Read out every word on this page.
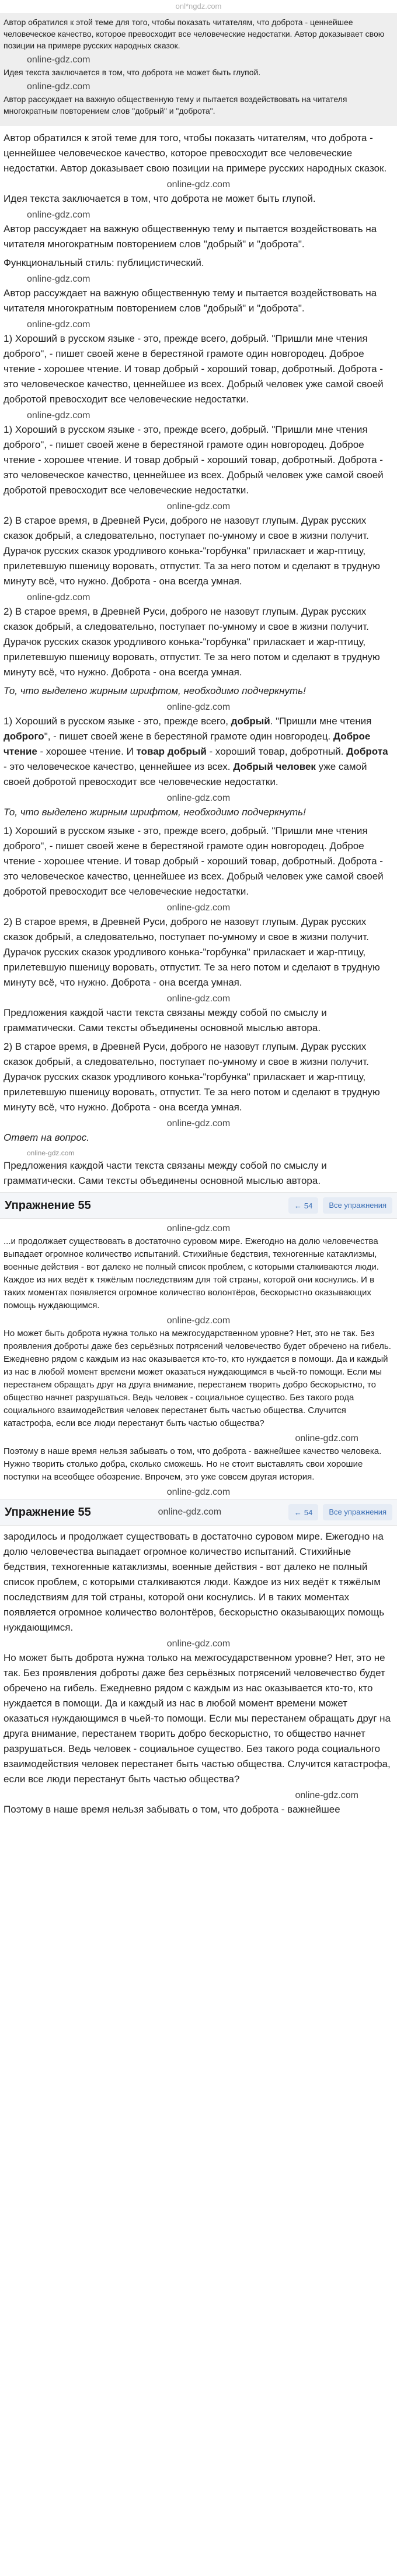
onl*ngdz.com

Автор обратился к этой теме для того, чтобы показать читателям, что доброта - ценнейшее человеческое качество, которое превосходит все человеческие недостатки. Автор доказывает свою позиции на примере русских народных сказок.

online-gdz.com

Идея текста заключается в том, что доброта не может быть глупой.

online-gdz.com

Автор рассуждает на важную общественную тему и пытается воздействовать на читателя многократным повторением слов "добрый" и "доброта".

Автор обратился к этой теме для того, чтобы показать читателям, что доброта - ценнейшее человеческое качество, которое превосходит все человеческие недостатки. Автор доказывает свою позиции на примере русских народных сказок.

online-gdz.com

Идея текста заключается в том, что доброта не может быть глупой.

online-gdz.com

Автор рассуждает на важную общественную тему и пытается воздействовать на читателя многократным повторением слов "добрый" и "доброта".

Функциональный стиль: публицистический.

online-gdz.com

Автор рассуждает на важную общественную тему и пытается воздействовать на читателя многократным повторением слов "добрый" и "доброта".

online-gdz.com

1) Хороший в русском языке - это, прежде всего, добрый. "Пришли мне чтения доброго", - пишет своей жене в берестяной грамоте один новгородец. Доброе чтение - хорошее чтение. И товар добрый - хороший товар, добротный. Доброта - это человеческое качество, ценнейшее из всех. Добрый человек уже самой своей добротой превосходит все человеческие недостатки.

online-gdz.com

1) Хороший в русском языке - это, прежде всего, добрый. "Пришли мне чтения доброго", - пишет своей жене в берестяной грамоте один новгородец. Доброе чтение - хорошее чтение. И товар добрый - хороший товар, добротный. Доброта - это человеческое качество, ценнейшее из всех. Добрый человек уже самой своей добротой превосходит все человеческие недостатки.

online-gdz.com

2) В старое время, в Древней Руси, доброго не назовут глупым. Дурак русских сказок добрый, а следовательно, поступает по-умному и свое в жизни получит. Дурачок русских сказок уродливого конька-"горбунка" приласкает и жар-птицу, прилетевшую пшеницу воровать, отпустит. Та за него потом и сделают в трудную минуту всё, что нужно. Доброта - она всегда умная.

online-gdz.com

2) В старое время, в Древней Руси, доброго не назовут глупым. Дурак русских сказок добрый, а следовательно, поступает по-умному и свое в жизни получит. Дурачок русских сказок уродливого конька-"горбунка" приласкает и жар-птицу, прилетевшую пшеницу воровать, отпустит. Те за него потом и сделают в трудную минуту всё, что нужно. Доброта - она всегда умная.

То, что выделено жирным шрифтом, необходимо подчеркнуть!

online-gdz.com

1) Хороший в русском языке - это, прежде всего, добрый. "Пришли мне чтения доброго", - пишет своей жене в берестяной грамоте один новгородец. Доброе чтение - хорошее чтение. И товар добрый - хороший товар, добротный. Доброта - это человеческое качество, ценнейшее из всех. Добрый человек уже самой своей добротой превосходит все человеческие недостатки.

online-gdz.com

То, что выделено жирным шрифтом, необходимо подчеркнуть!

1) Хороший в русском языке - это, прежде всего, добрый. "Пришли мне чтения доброго", - пишет своей жене в берестяной грамоте один новгородец. Доброе чтение - хорошее чтение. И товар добрый - хороший товар, добротный. Доброта - это человеческое качество, ценнейшее из всех. Добрый человек уже самой своей добротой превосходит все человеческие недостатки.

online-gdz.com

2) В старое время, в Древней Руси, доброго не назовут глупым. Дурак русских сказок добрый, а следовательно, поступает по-умному и свое в жизни получит. Дурачок русских сказок уродливого конька-"горбунка" приласкает и жар-птицу, прилетевшую пшеницу воровать, отпустит. Те за него потом и сделают в трудную минуту всё, что нужно. Доброта - она всегда умная.

online-gdz.com

Предложения каждой части текста связаны между собой по смыслу и грамматически. Сами тексты объединены основной мыслью автора.

2) В старое время, в Древней Руси, доброго не назовут глупым. Дурак русских сказок добрый, а следовательно, поступает по-умному и свое в жизни получит. Дурачок русских сказок уродливого конька-"горбунка" приласкает и жар-птицу, прилетевшую пшеницу воровать, отпустит. Те за него потом и сделают в трудную минуту всё, что нужно. Доброта - она всегда умная.

online-gdz.com

Ответ на вопрос.

online-gdz.com

Предложения каждой части текста связаны между собой по смыслу и грамматически. Сами тексты объединены основной мыслью автора.

Упражнение 55	← 54	Все упражнения
online-gdz.com

...и продолжает существовать в достаточно суровом мире. Ежегодно на долю человечества выпадает огромное количество испытаний. Стихийные бедствия, техногенные катаклизмы, военные действия - вот далеко не полный список проблем, с которыми сталкиваются люди. Каждое из них ведёт к тяжёлым последствиям для той страны, которой они коснулись. И в таких моментах появляется огромное количество волонтёров, бескорыстно оказывающих помощь нуждающимся.

online-gdz.com

Но может быть доброта нужна только на межгосударственном уровне? Нет, это не так. Без проявления доброты даже без серьёзных потрясений человечество будет обречено на гибель. Ежедневно рядом с каждым из нас оказывается кто-то, кто нуждается в помощи. Да и каждый из нас в любой момент времени может оказаться нуждающимся в чьей-то помощи. Если мы перестанем обращать друг на друга внимание, перестанем творить добро бескорыстно, то общество начнет разрушаться. Ведь человек - социальное существо. Без такого рода социального взаимодействия человек перестанет быть частью общества. Случится катастрофа, если все люди перестанут быть частью общества?

online-gdz.com

Поэтому в наше время нельзя забывать о том, что доброта - важнейшее качество человека. Нужно творить столько добра, сколько сможешь. Но не стоит выставлять свои хорошие поступки на всеобщее обозрение. Впрочем, это уже совсем другая история.

online-gdz.com
Упражнение 55	online-gdz.com	← 54	Все упражнения

зародилось и продолжает существовать в достаточно суровом мире. Ежегодно на долю человечества выпадает огромное количество испытаний. Стихийные бедствия, техногенные катаклизмы, военные действия - вот далеко не полный список проблем, с которыми сталкиваются люди. Каждое из них ведёт к тяжёлым последствиям для той страны, которой они коснулись. И в таких моментах появляется огромное количество волонтёров, бескорыстно оказывающих помощь нуждающимся.

online-gdz.com

Но может быть доброта нужна только на межгосударственном уровне? Нет, это не так. Без проявления доброты даже без серьёзных потрясений человечество будет обречено на гибель. Ежедневно рядом с каждым из нас оказывается кто-то, кто нуждается в помощи. Да и каждый из нас в любой момент времени может оказаться нуждающимся в чьей-то помощи. Если мы перестанем обращать друг на друга внимание, перестанем творить добро бескорыстно, то общество начнет разрушаться. Ведь человек - социальное существо. Без такого рода социального взаимодействия человек перестанет быть частью общества. Случится катастрофа, если все люди перестанут быть частью общества?

online-gdz.com

Поэтому в наше время нельзя забывать о том, что доброта - важнейшее
